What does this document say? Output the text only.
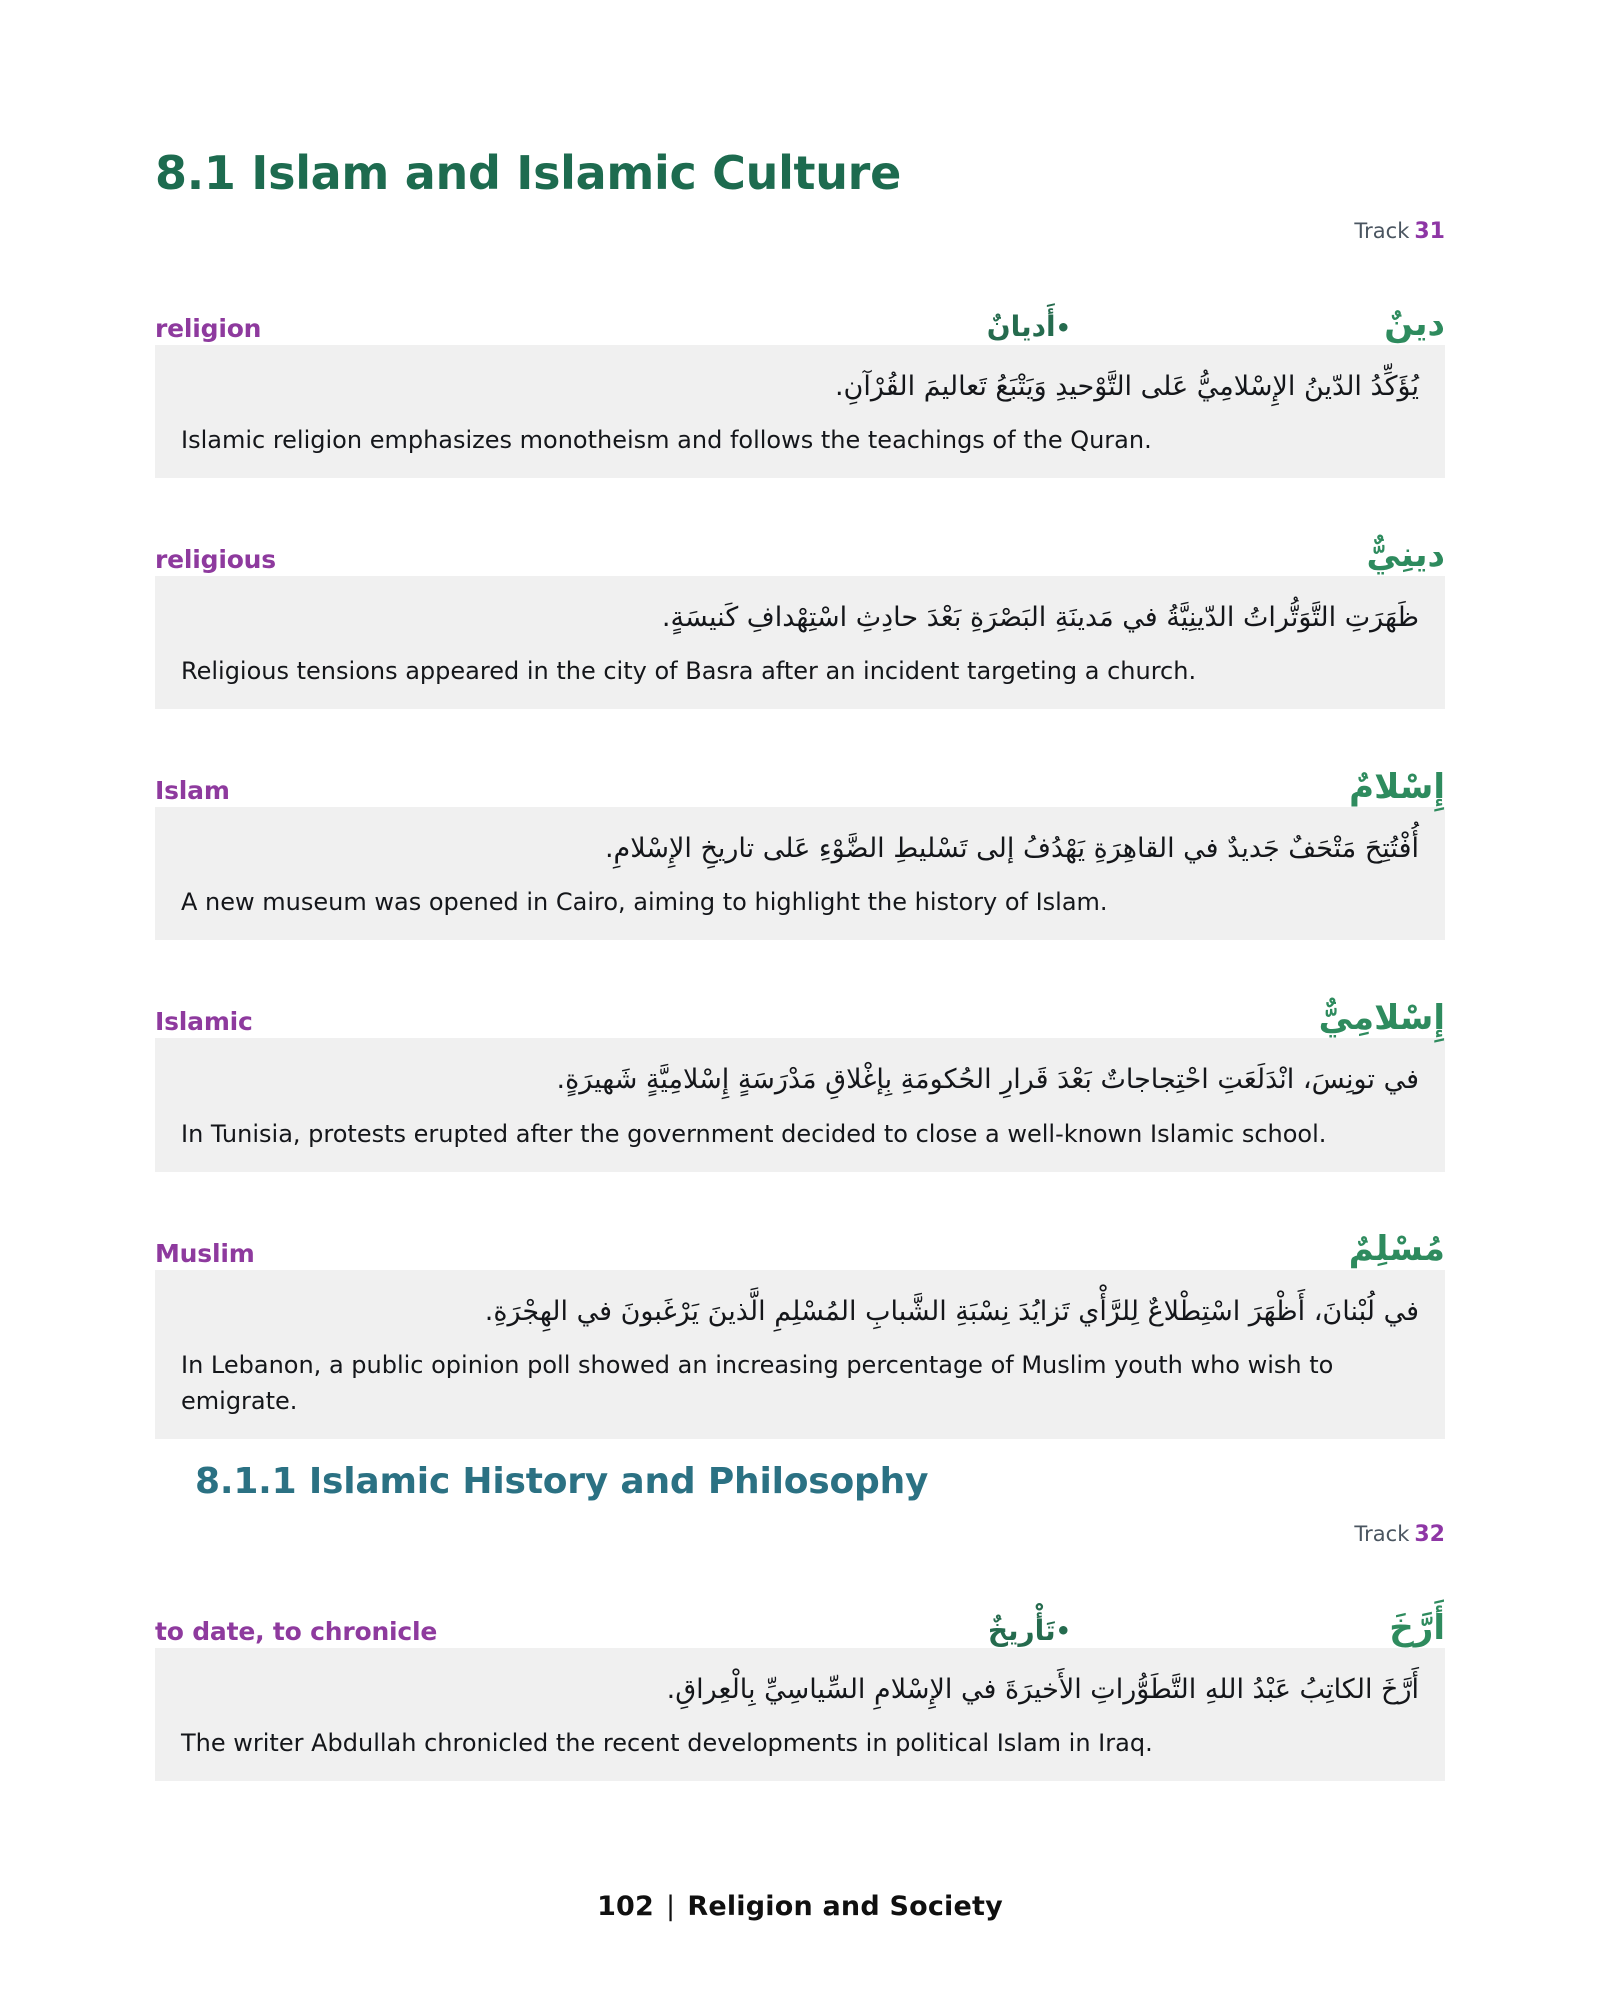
8.1 Islam and Islamic Culture
Track 31
religion	•أَديانٌ	دينٌ
يُؤَكِّدُ الدّينُ الإِسْلامِيُّ عَلى التَّوْحيدِ وَيَتْبَعُ تَعاليمَ القُرْآنِ.
Islamic religion emphasizes monotheism and follows the teachings of the Quran.
religious	دينِيٌّ
ظَهَرَتِ التَّوَتُّراتُ الدّينِيَّةُ في مَدينَةِ البَصْرَةِ بَعْدَ حادِثِ اسْتِهْدافِ كَنيسَةٍ.
Religious tensions appeared in the city of Basra after an incident targeting a church.
Islam	إِسْلامٌ
أُفْتُتِحَ مَتْحَفٌ جَديدٌ في القاهِرَةِ يَهْدُفُ إلى تَسْليطِ الضَّوْءِ عَلى تاريخِ الإِسْلامِ.
A new museum was opened in Cairo, aiming to highlight the history of Islam.
Islamic	إِسْلامِيٌّ
في تونِسَ، انْدَلَعَتِ احْتِجاجاتٌ بَعْدَ قَرارِ الحُكومَةِ بِإغْلاقِ مَدْرَسَةٍ إِسْلامِيَّةٍ شَهيرَةٍ.
In Tunisia, protests erupted after the government decided to close a well-known Islamic school.
Muslim	مُسْلِمٌ
في لُبْنانَ، أَظْهَرَ اسْتِطْلاعٌ لِلرَّأْي تَزايُدَ نِسْبَةِ الشَّبابِ المُسْلِمِ الَّذينَ يَرْغَبونَ في الهِجْرَةِ.
In Lebanon, a public opinion poll showed an increasing percentage of Muslim youth who wish to emigrate.
8.1.1 Islamic History and Philosophy
Track 32
to date, to chronicle	•تَأْريخٌ	أَرَّخَ
أَرَّخَ الكاتِبُ عَبْدُ اللهِ التَّطَوُّراتِ الأَخيرَةَ في الإِسْلامِ السِّياسِيِّ بِالْعِراقِ.
The writer Abdullah chronicled the recent developments in political Islam in Iraq.
102 | Religion and Society
